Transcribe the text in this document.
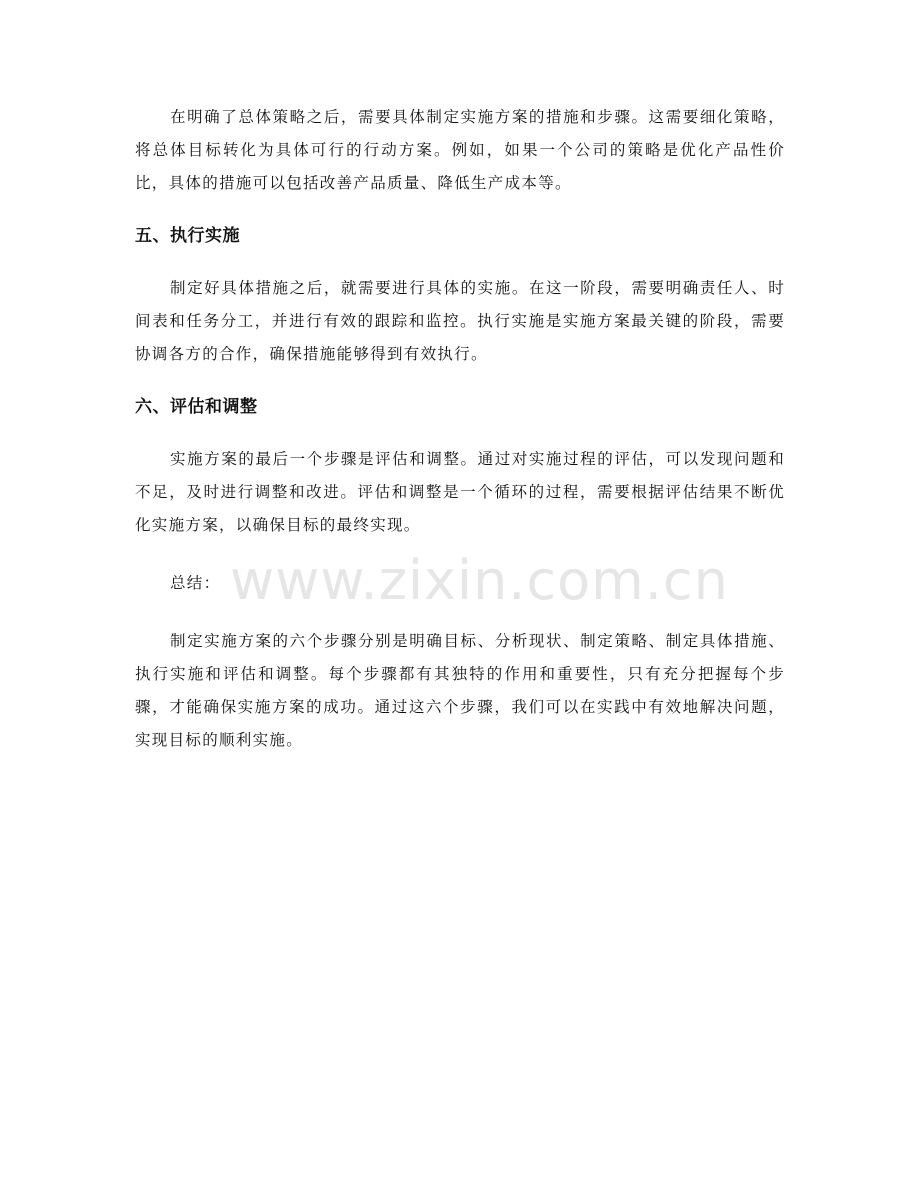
在明确了总体策略之后，需要具体制定实施方案的措施和步骤。这需要细化策略，将总体目标转化为具体可行的行动方案。例如，如果一个公司的策略是优化产品性价比，具体的措施可以包括改善产品质量、降低生产成本等。

五、执行实施

制定好具体措施之后，就需要进行具体的实施。在这一阶段，需要明确责任人、时间表和任务分工，并进行有效的跟踪和监控。执行实施是实施方案最关键的阶段，需要协调各方的合作，确保措施能够得到有效执行。

六、评估和调整

实施方案的最后一个步骤是评估和调整。通过对实施过程的评估，可以发现问题和不足，及时进行调整和改进。评估和调整是一个循环的过程，需要根据评估结果不断优化实施方案，以确保目标的最终实现。

总结：

制定实施方案的六个步骤分别是明确目标、分析现状、制定策略、制定具体措施、执行实施和评估和调整。每个步骤都有其独特的作用和重要性，只有充分把握每个步骤，才能确保实施方案的成功。通过这六个步骤，我们可以在实践中有效地解决问题，实现目标的顺利实施。

www.zixin.com.cn
